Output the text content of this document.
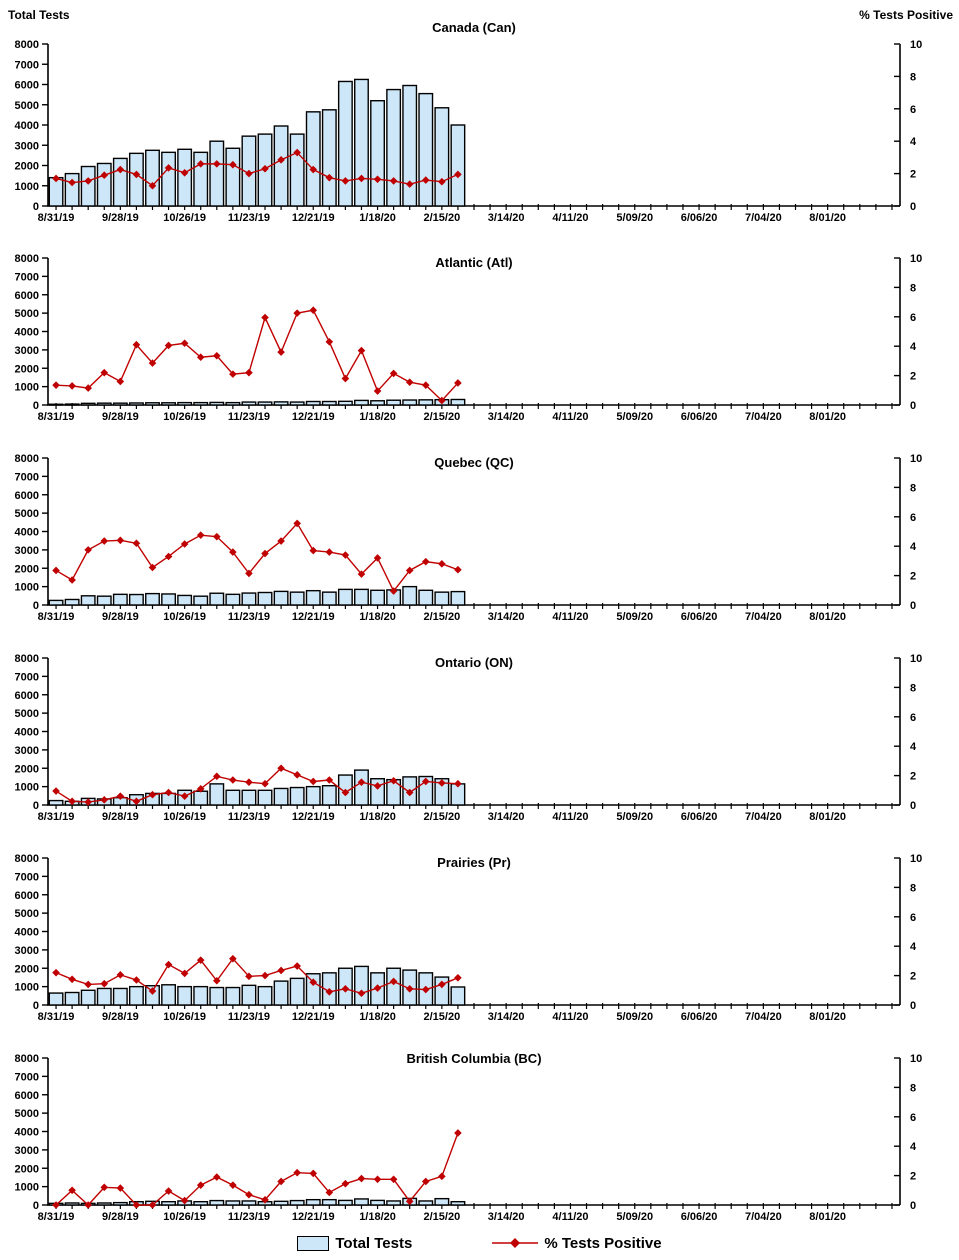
0
1000
2000
3000
4000
5000
6000
7000
8000
0
2
4
6
8
10
8/31/19	9/28/19 10/26/19 11/23/19 12/21/19 1/18/20	2/15/20	3/14/20	4/11/20	5/09/20	6/06/20	7/04/20	8/01/20
Total Tests	% Tests Positive
Canada (Can)
0
1000
2000
3000
4000
5000
6000
7000
8000
0
2
4
6
8
10
8/31/19	9/28/19 10/26/19 11/23/19 12/21/19 1/18/20	2/15/20	3/14/20	4/11/20	5/09/20	6/06/20	7/04/20	8/01/20
Atlantic (Atl)
0
1000
2000
3000
4000
5000
6000
7000
8000
0
2
4
6
8
10
8/31/19	9/28/19 10/26/19 11/23/19 12/21/19 1/18/20	2/15/20	3/14/20	4/11/20	5/09/20	6/06/20	7/04/20	8/01/20
Quebec (QC)
0
1000
2000
3000
4000
5000
6000
7000
8000
0
2
4
6
8
10
8/31/19	9/28/19 10/26/19 11/23/19 12/21/19 1/18/20	2/15/20	3/14/20	4/11/20	5/09/20	6/06/20	7/04/20	8/01/20
Ontario (ON)
0
1000
2000
3000
4000
5000
6000
7000
8000
0
2
4
6
8
10
8/31/19	9/28/19 10/26/19 11/23/19 12/21/19 1/18/20	2/15/20	3/14/20	4/11/20	5/09/20	6/06/20	7/04/20	8/01/20
Prairies (Pr)
0
1000
2000
3000
4000
5000
6000
7000
8000
0
2
4
6
8
10
8/31/19	9/28/19 10/26/19 11/23/19 12/21/19 1/18/20	2/15/20	3/14/20	4/11/20	5/09/20	6/06/20	7/04/20	8/01/20
British Columbia (BC)
Total Tests	% Tests Positive
